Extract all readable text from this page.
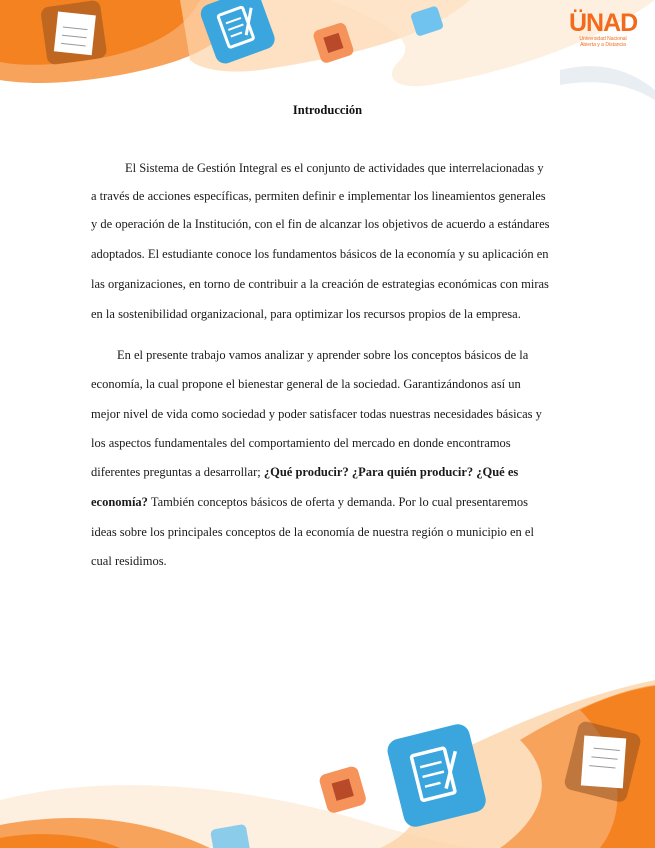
ÜNAD
Universidad Nacional
Abierta y a Distancia
Introducción
El Sistema de Gestión Integral es el conjunto de actividades que interrelacionadas y
a través de acciones específicas, permiten definir e implementar los lineamientos generales
y de operación de la Institución, con el fin de alcanzar los objetivos de acuerdo a estándares
adoptados. El estudiante conoce los fundamentos básicos de la economía y su aplicación en
las organizaciones, en torno de contribuir a la creación de estrategias económicas con miras
en la sostenibilidad organizacional, para optimizar los recursos propios de la empresa.
En el presente trabajo vamos analizar y aprender sobre los conceptos básicos de la
economía, la cual propone el bienestar general de la sociedad. Garantizándonos así un
mejor nivel de vida como sociedad y poder satisfacer todas nuestras necesidades básicas y
los aspectos fundamentales del comportamiento del mercado en donde encontramos
diferentes preguntas a desarrollar; ¿Qué producir? ¿Para quién producir? ¿Qué es
economía? También conceptos básicos de oferta y demanda. Por lo cual presentaremos
ideas sobre los principales conceptos de la economía de nuestra región o municipio en el
cual residimos.
